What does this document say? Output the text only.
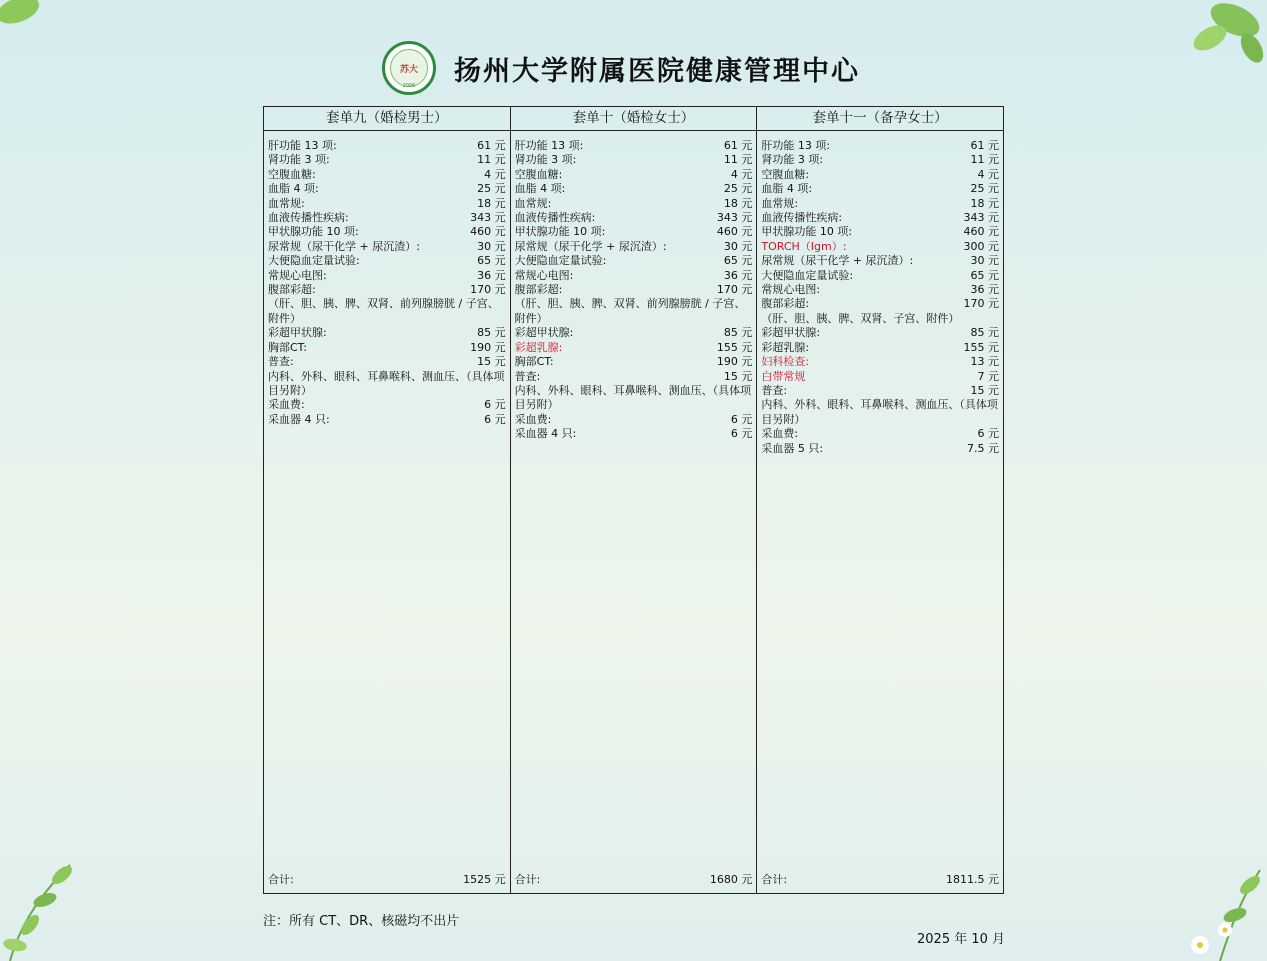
苏大
2006 扬州大学附属医院健康管理中心
套单九（婚检男士）
肝功能 13 项:	61 元
肾功能 3 项:	11 元
空腹血糖:	4 元
血脂 4 项:	25 元
血常规:	18 元
血液传播性疾病:	343 元
甲状腺功能 10 项:	460 元
尿常规（尿干化学 + 尿沉渣）:	30 元
大便隐血定量试验:	65 元
常规心电图:	36 元
腹部彩超:	170 元
（肝、胆、胰、脾、双肾、前列腺膀胱 / 子宫、附件）
彩超甲状腺:	85 元
胸部CT:	190 元
普查:	15 元
内科、外科、眼科、耳鼻喉科、测血压、（具体项目另附）
采血费:	6 元
采血器 4 只:	6 元
合计:	1525 元
套单十（婚检女士）
肝功能 13 项:	61 元
肾功能 3 项:	11 元
空腹血糖:	4 元
血脂 4 项:	25 元
血常规:	18 元
血液传播性疾病:	343 元
甲状腺功能 10 项:	460 元
尿常规（尿干化学 + 尿沉渣）:	30 元
大便隐血定量试验:	65 元
常规心电图:	36 元
腹部彩超:	170 元
（肝、胆、胰、脾、双肾、前列腺膀胱 / 子宫、附件）
彩超甲状腺:	85 元
彩超乳腺:	155 元
胸部CT:	190 元
普查:	15 元
内科、外科、眼科、耳鼻喉科、测血压、（具体项目另附）
采血费:	6 元
采血器 4 只:	6 元
合计:	1680 元
套单十一（备孕女士）
肝功能 13 项:	61 元
肾功能 3 项:	11 元
空腹血糖:	4 元
血脂 4 项:	25 元
血常规:	18 元
血液传播性疾病:	343 元
甲状腺功能 10 项:	460 元
TORCH（Igm）:	300 元
尿常规（尿干化学 + 尿沉渣）:	30 元
大便隐血定量试验:	65 元
常规心电图:	36 元
腹部彩超:	170 元
（肝、胆、胰、脾、双肾、子宫、附件）
彩超甲状腺:	85 元
彩超乳腺:	155 元
妇科检查:	13 元
白带常规	7 元
普查:	15 元
内科、外科、眼科、耳鼻喉科、测血压、（具体项目另附）
采血费:	6 元
采血器 5 只:	7.5 元
合计:	1811.5 元
注：所有 CT、DR、核磁均不出片
2025 年 10 月
